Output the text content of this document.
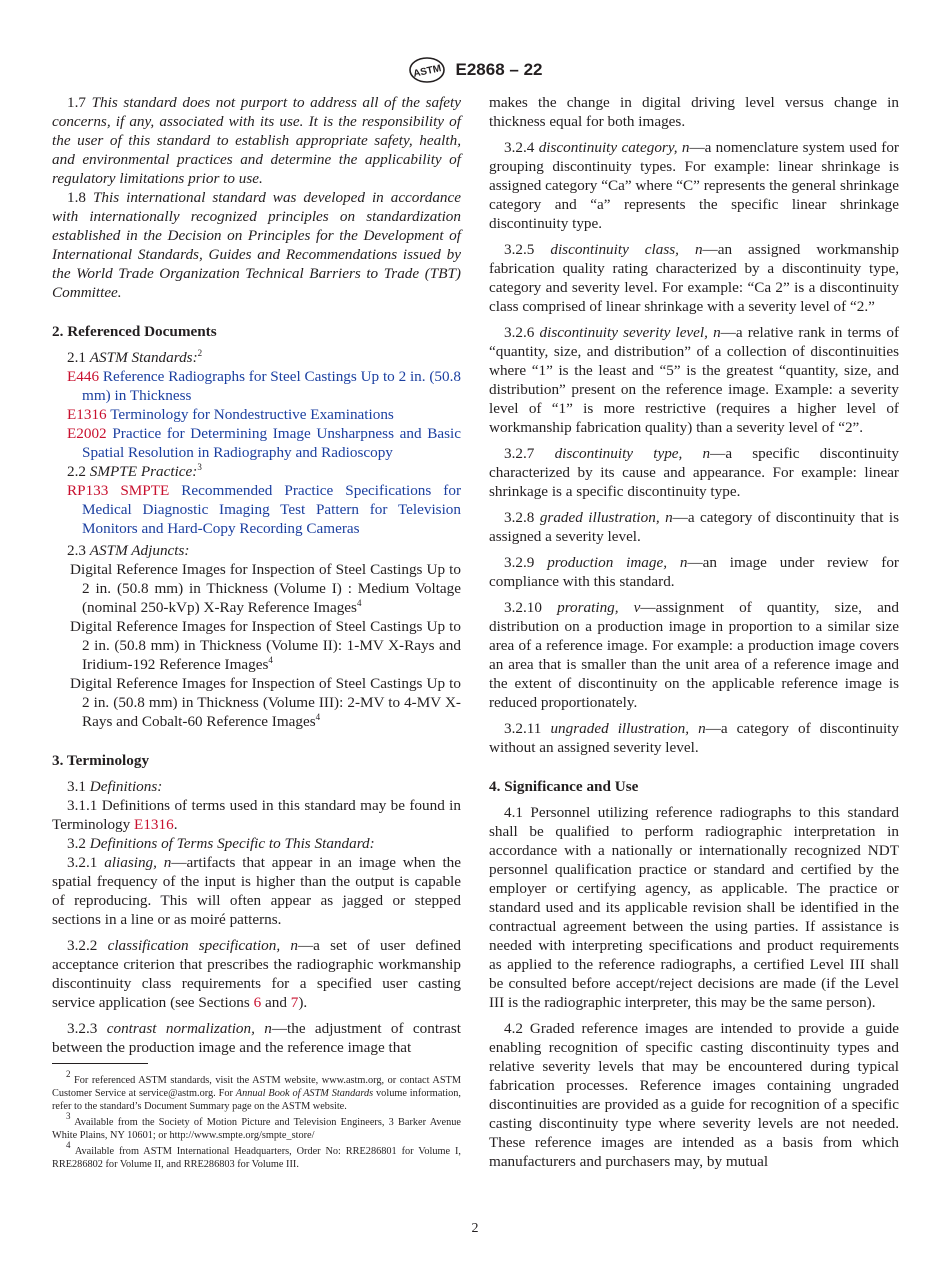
ASTM E2868 – 22

1.7 This standard does not purport to address all of the safety concerns, if any, associated with its use. It is the responsibility of the user of this standard to establish appropriate safety, health, and environmental practices and determine the applicability of regulatory limitations prior to use.

1.8 This international standard was developed in accordance with internationally recognized principles on standardization established in the Decision on Principles for the Development of International Standards, Guides and Recommendations issued by the World Trade Organization Technical Barriers to Trade (TBT) Committee.

2. Referenced Documents

2.1 ASTM Standards:$^2$

E446 Reference Radiographs for Steel Castings Up to 2 in. (50.8 mm) in Thickness

E1316 Terminology for Nondestructive Examinations

E2002 Practice for Determining Image Unsharpness and Basic Spatial Resolution in Radiography and Radioscopy

2.2 SMPTE Practice:$^3$

RP133 SMPTE Recommended Practice Specifications for Medical Diagnostic Imaging Test Pattern for Television Monitors and Hard-Copy Recording Cameras

2.3 ASTM Adjuncts:

Digital Reference Images for Inspection of Steel Castings Up to 2 in. (50.8 mm) in Thickness (Volume I) : Medium Voltage (nominal 250-kVp) X-Ray Reference Images$^4$

Digital Reference Images for Inspection of Steel Castings Up to 2 in. (50.8 mm) in Thickness (Volume II): 1-MV X-Rays and Iridium-192 Reference Images$^4$

Digital Reference Images for Inspection of Steel Castings Up to 2 in. (50.8 mm) in Thickness (Volume III): 2-MV to 4-MV X-Rays and Cobalt-60 Reference Images$^4$

3. Terminology

3.1 Definitions:

3.1.1 Definitions of terms used in this standard may be found in Terminology E1316.

3.2 Definitions of Terms Specific to This Standard:

3.2.1 aliasing, n—artifacts that appear in an image when the spatial frequency of the input is higher than the output is capable of reproducing. This will often appear as jagged or stepped sections in a line or as moiré patterns.

3.2.2 classification specification, n—a set of user defined acceptance criterion that prescribes the radiographic workmanship discontinuity class requirements for a specified user casting service application (see Sections 6 and 7).

3.2.3 contrast normalization, n—the adjustment of contrast between the production image and the reference image that

$^2$ For referenced ASTM standards, visit the ASTM website, www.astm.org, or contact ASTM Customer Service at service@astm.org. For Annual Book of ASTM Standards volume information, refer to the standard’s Document Summary page on the ASTM website.

$^3$ Available from the Society of Motion Picture and Television Engineers, 3 Barker Avenue White Plains, NY 10601; or http://www.smpte.org/smpte_store/

$^4$ Available from ASTM International Headquarters, Order No: RRE286801 for Volume I, RRE286802 for Volume II, and RRE286803 for Volume III.

makes the change in digital driving level versus change in thickness equal for both images.

3.2.4 discontinuity category, n—a nomenclature system used for grouping discontinuity types. For example: linear shrinkage is assigned category “Ca” where “C” represents the general shrinkage category and “a” represents the specific linear shrinkage discontinuity type.

3.2.5 discontinuity class, n—an assigned workmanship fabrication quality rating characterized by a discontinuity type, category and severity level. For example: “Ca 2” is a discontinuity class comprised of linear shrinkage with a severity level of “2.”

3.2.6 discontinuity severity level, n—a relative rank in terms of “quantity, size, and distribution” of a collection of discontinuities where “1” is the least and “5” is the greatest “quantity, size, and distribution” present on the reference image. Example: a severity level of “1” is more restrictive (requires a higher level of workmanship fabrication quality) than a severity level of “2”.

3.2.7 discontinuity type, n—a specific discontinuity characterized by its cause and appearance. For example: linear shrinkage is a specific discontinuity type.

3.2.8 graded illustration, n—a category of discontinuity that is assigned a severity level.

3.2.9 production image, n—an image under review for compliance with this standard.

3.2.10 prorating, v—assignment of quantity, size, and distribution on a production image in proportion to a similar size area of a reference image. For example: a production image covers an area that is smaller than the unit area of a reference image and the extent of discontinuity on the applicable reference image is reduced proportionately.

3.2.11 ungraded illustration, n—a category of discontinuity without an assigned severity level.

4. Significance and Use

4.1 Personnel utilizing reference radiographs to this standard shall be qualified to perform radiographic interpretation in accordance with a nationally or internationally recognized NDT personnel qualification practice or standard and certified by the employer or certifying agency, as applicable. The practice or standard used and its applicable revision shall be identified in the contractual agreement between the using parties. If assistance is needed with interpreting specifications and product requirements as applied to the reference radiographs, a certified Level III shall be consulted before accept/reject decisions are made (if the Level III is the radiographic interpreter, this may be the same person).

4.2 Graded reference images are intended to provide a guide enabling recognition of specific casting discontinuity types and relative severity levels that may be encountered during typical fabrication processes. Reference images containing ungraded discontinuities are provided as a guide for recognition of a specific casting discontinuity type where severity levels are not needed. These reference images are intended as a basis from which manufacturers and purchasers may, by mutual

2
